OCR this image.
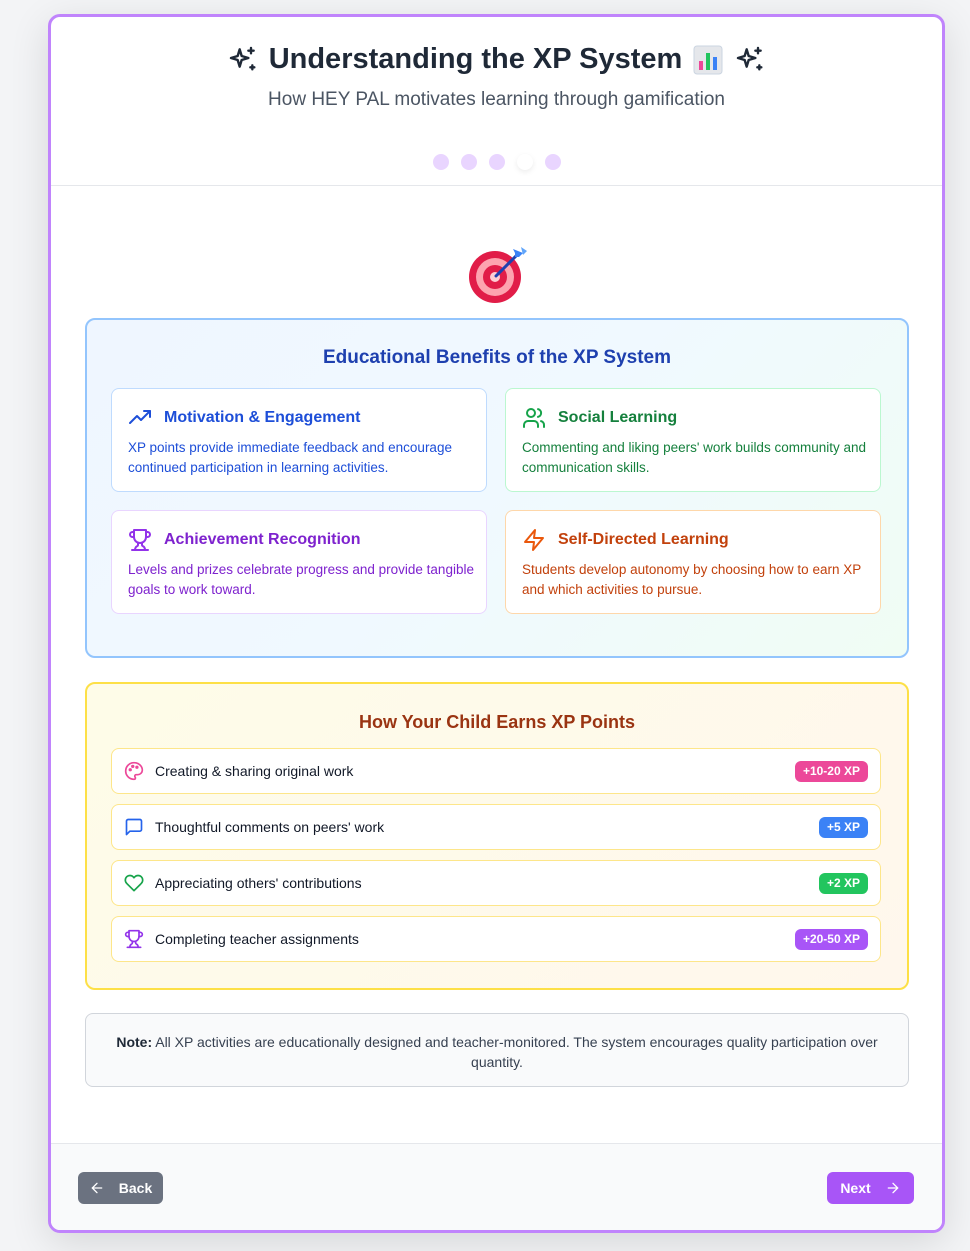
Understanding the XP System
How HEY PAL motivates learning through gamification
Educational Benefits of the XP System
Motivation & Engagement
XP points provide immediate feedback and encourage continued participation in learning activities.
Social Learning
Commenting and liking peers' work builds community and communication skills.
Achievement Recognition
Levels and prizes celebrate progress and provide tangible goals to work toward.
Self-Directed Learning
Students develop autonomy by choosing how to earn XP and which activities to pursue.
How Your Child Earns XP Points
Creating & sharing original work	+10-20 XP
Thoughtful comments on peers' work	+5 XP
Appreciating others' contributions	+2 XP
Completing teacher assignments	+20-50 XP
Note: All XP activities are educationally designed and teacher-monitored. The system encourages quality participation over quantity.
Back	Next
